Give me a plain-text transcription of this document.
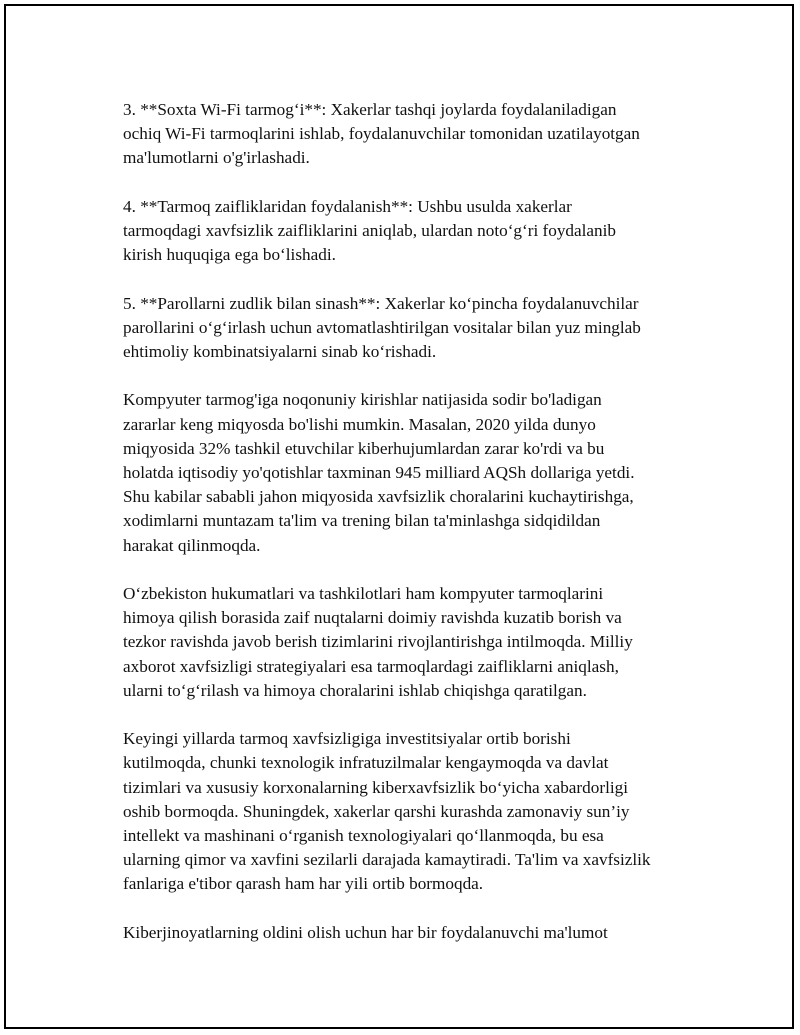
3. **Soxta Wi-Fi tarmog‘i**: Xakerlar tashqi joylarda foydalaniladigan
ochiq Wi-Fi tarmoqlarini ishlab, foydalanuvchilar tomonidan uzatilayotgan
ma'lumotlarni o'g'irlashadi.

4. **Tarmoq zaifliklaridan foydalanish**: Ushbu usulda xakerlar
tarmoqdagi xavfsizlik zaifliklarini aniqlab, ulardan noto‘g‘ri foydalanib
kirish huquqiga ega bo‘lishadi.

5. **Parollarni zudlik bilan sinash**: Xakerlar ko‘pincha foydalanuvchilar
parollarini o‘g‘irlash uchun avtomatlashtirilgan vositalar bilan yuz minglab
ehtimoliy kombinatsiyalarni sinab ko‘rishadi.

Kompyuter tarmog'iga noqonuniy kirishlar natijasida sodir bo'ladigan
zararlar keng miqyosda bo'lishi mumkin. Masalan, 2020 yilda dunyo
miqyosida 32% tashkil etuvchilar kiberhujumlardan zarar ko'rdi va bu
holatda iqtisodiy yo'qotishlar taxminan 945 milliard AQSh dollariga yetdi.
Shu kabilar sababli jahon miqyosida xavfsizlik choralarini kuchaytirishga,
xodimlarni muntazam ta'lim va trening bilan ta'minlashga sidqidildan
harakat qilinmoqda.

O‘zbekiston hukumatlari va tashkilotlari ham kompyuter tarmoqlarini
himoya qilish borasida zaif nuqtalarni doimiy ravishda kuzatib borish va
tezkor ravishda javob berish tizimlarini rivojlantirishga intilmoqda. Milliy
axborot xavfsizligi strategiyalari esa tarmoqlardagi zaifliklarni aniqlash,
ularni to‘g‘rilash va himoya choralarini ishlab chiqishga qaratilgan.

Keyingi yillarda tarmoq xavfsizligiga investitsiyalar ortib borishi
kutilmoqda, chunki texnologik infratuzilmalar kengaymoqda va davlat
tizimlari va xususiy korxonalarning kiberxavfsizlik bo‘yicha xabardorligi
oshib bormoqda. Shuningdek, xakerlar qarshi kurashda zamonaviy sun’iy
intellekt va mashinani o‘rganish texnologiyalari qo‘llanmoqda, bu esa
ularning qimor va xavfini sezilarli darajada kamaytiradi. Ta'lim va xavfsizlik
fanlariga e'tibor qarash ham har yili ortib bormoqda.

Kiberjinoyatlarning oldini olish uchun har bir foydalanuvchi ma'lumot
